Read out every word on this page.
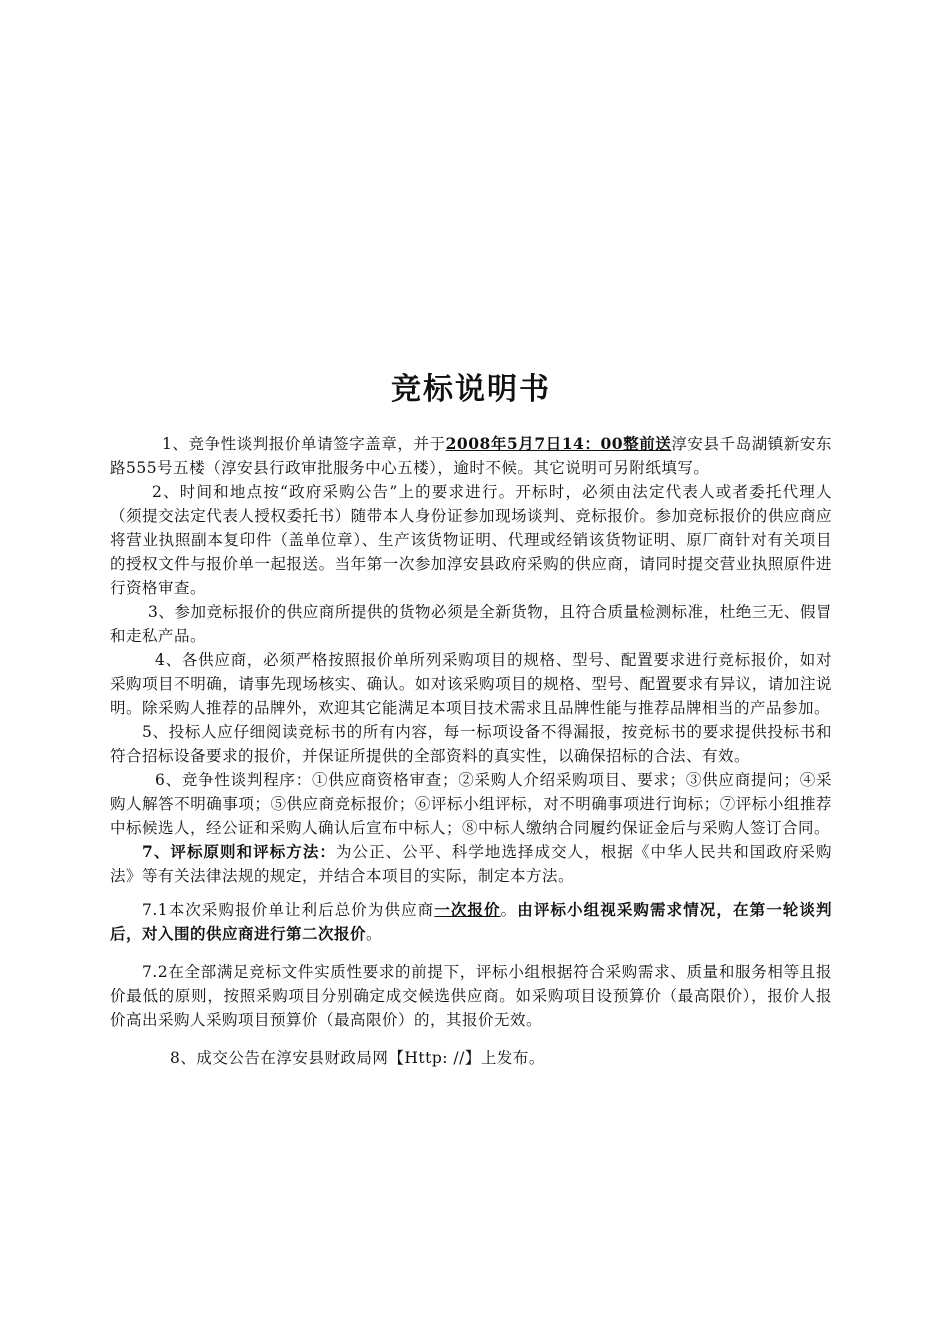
竞标说明书

1、竞争性谈判报价单请签字盖章，并于2008年5月7日14：00整前送淳安县千岛湖镇新安东路555号五楼（淳安县行政审批服务中心五楼），逾时不候。其它说明可另附纸填写。

2、时间和地点按“政府采购公告”上的要求进行。开标时，必须由法定代表人或者委托代理人（须提交法定代表人授权委托书）随带本人身份证参加现场谈判、竞标报价。参加竞标报价的供应商应将营业执照副本复印件（盖单位章）、生产该货物证明、代理或经销该货物证明、原厂商针对有关项目的授权文件与报价单一起报送。当年第一次参加淳安县政府采购的供应商，请同时提交营业执照原件进行资格审查。

3、参加竞标报价的供应商所提供的货物必须是全新货物，且符合质量检测标准，杜绝三无、假冒和走私产品。

4、各供应商，必须严格按照报价单所列采购项目的规格、型号、配置要求进行竞标报价，如对采购项目不明确，请事先现场核实、确认。如对该采购项目的规格、型号、配置要求有异议，请加注说明。除采购人推荐的品牌外，欢迎其它能满足本项目技术需求且品牌性能与推荐品牌相当的产品参加。

5、投标人应仔细阅读竞标书的所有内容，每一标项设备不得漏报，按竞标书的要求提供投标书和符合招标设备要求的报价，并保证所提供的全部资料的真实性，以确保招标的合法、有效。

6、竞争性谈判程序：①供应商资格审查；②采购人介绍采购项目、要求；③供应商提问；④采购人解答不明确事项；⑤供应商竞标报价；⑥评标小组评标，对不明确事项进行询标；⑦评标小组推荐中标候选人，经公证和采购人确认后宣布中标人；⑧中标人缴纳合同履约保证金后与采购人签订合同。

7、评标原则和评标方法：为公正、公平、科学地选择成交人，根据《中华人民共和国政府采购法》等有关法律法规的规定，并结合本项目的实际，制定本方法。

7.1本次采购报价单让利后总价为供应商一次报价。由评标小组视采购需求情况，在第一轮谈判后，对入围的供应商进行第二次报价。

7.2在全部满足竞标文件实质性要求的前提下，评标小组根据符合采购需求、质量和服务相等且报价最低的原则，按照采购项目分别确定成交候选供应商。如采购项目设预算价（最高限价），报价人报价高出采购人采购项目预算价（最高限价）的，其报价无效。

8、成交公告在淳安县财政局网【Http: //】上发布。
